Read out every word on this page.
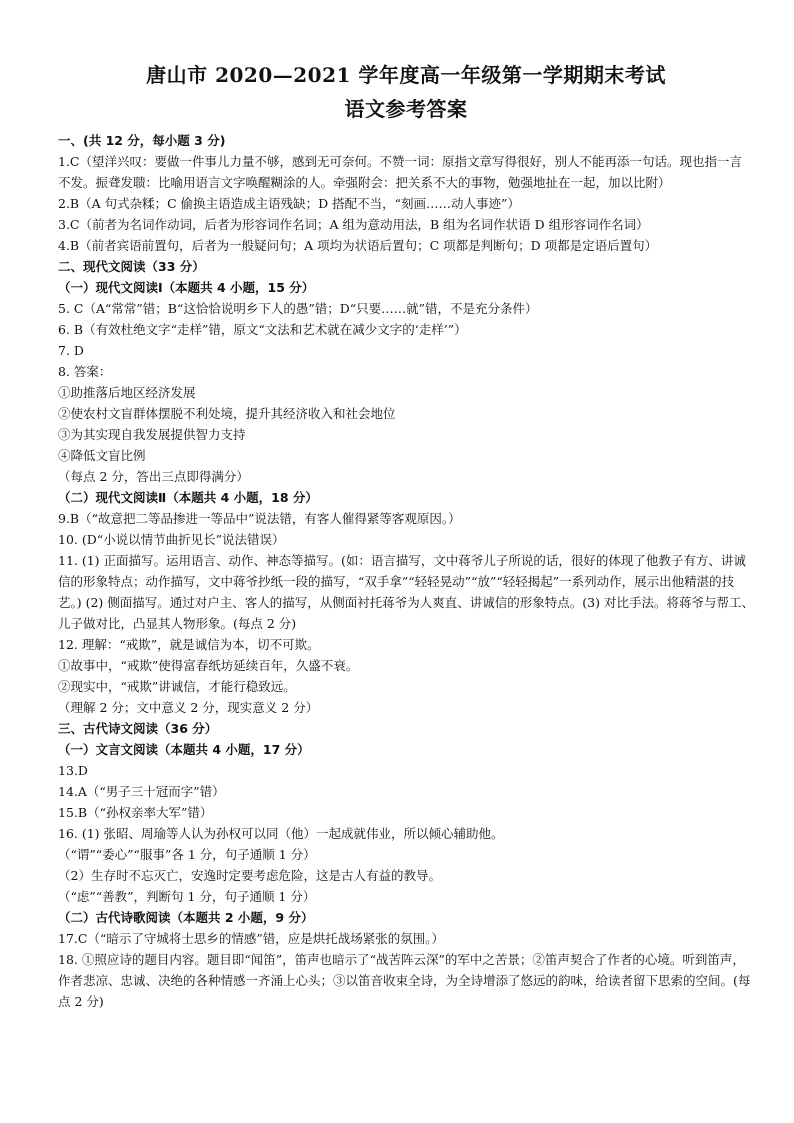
唐山市 2020—2021 学年度高一年级第一学期期末考试
语文参考答案

一、(共 12 分，每小题 3 分)

1.C（望洋兴叹：要做一件事儿力量不够，感到无可奈何。不赞一词：原指文章写得很好，别人不能再添一句话。现也指一言不发。振聋发聩：比喻用语言文字唤醒糊涂的人。牵强附会：把关系不大的事物，勉强地扯在一起，加以比附）

2.B（A 句式杂糅；C 偷换主语造成主语残缺；D 搭配不当，“刻画……动人事迹”）

3.C（前者为名词作动词，后者为形容词作名词；A 组为意动用法，B 组为名词作状语 D 组形容词作名词）

4.B（前者宾语前置句，后者为一般疑问句；A 项均为状语后置句；C 项都是判断句；D 项都是定语后置句）

二、现代文阅读（33 分）

（一）现代文阅读Ⅰ（本题共 4 小题，15 分）

5. C（A“常常”错；B“这恰恰说明乡下人的愚”错；D“只要……就”错，不是充分条件）

6. B（有效杜绝文字“走样”错，原文“文法和艺术就在减少文字的‘走样’”）

7. D

8. 答案：

①助推落后地区经济发展

②使农村文盲群体摆脱不利处境，提升其经济收入和社会地位

③为其实现自我发展提供智力支持

④降低文盲比例

（每点 2 分，答出三点即得满分）

（二）现代文阅读Ⅱ（本题共 4 小题，18 分）

9.B（“故意把二等品掺进一等品中”说法错，有客人催得紧等客观原因。）

10. (D“小说以情节曲折见长”说法错误）

11. (1) 正面描写。运用语言、动作、神态等描写。(如：语言描写，文中蒋爷儿子所说的话，很好的体现了他教子有方、讲诚信的形象特点；动作描写，文中蒋爷抄纸一段的描写，“双手拿”“轻轻晃动”“放”“轻轻揭起”一系列动作，展示出他精湛的技艺。) (2) 侧面描写。通过对户主、客人的描写，从侧面衬托蒋爷为人爽直、讲诚信的形象特点。(3) 对比手法。将蒋爷与帮工、儿子做对比，凸显其人物形象。(每点 2 分)

12. 理解：“戒欺”，就是诚信为本，切不可欺。

①故事中，“戒欺”使得富春纸坊延续百年，久盛不衰。

②现实中，“戒欺”讲诚信，才能行稳致远。

（理解 2 分；文中意义 2 分，现实意义 2 分）

三、古代诗文阅读（36 分）

（一）文言文阅读（本题共 4 小题，17 分）

13.D

14.A（“男子三十冠而字”错）

15.B（“孙权亲率大军”错）

16. (1) 张昭、周瑜等人认为孙权可以同（他）一起成就伟业，所以倾心辅助他。

（“谓”“委心”“服事”各 1 分，句子通顺 1 分）

（2）生存时不忘灭亡，安逸时定要考虑危险，这是古人有益的教导。

（“虑”“善教”，判断句 1 分，句子通顺 1 分）

（二）古代诗歌阅读（本题共 2 小题，9 分）

17.C（“暗示了守城将士思乡的情感”错，应是烘托战场紧张的氛围。）

18. ①照应诗的题目内容。题目即“闻笛”，笛声也暗示了“战苦阵云深”的军中之苦景；②笛声契合了作者的心境。听到笛声，作者悲凉、忠诚、决绝的各种情感一齐涌上心头；③以笛音收束全诗，为全诗增添了悠远的韵味，给读者留下思索的空间。(每点 2 分)
